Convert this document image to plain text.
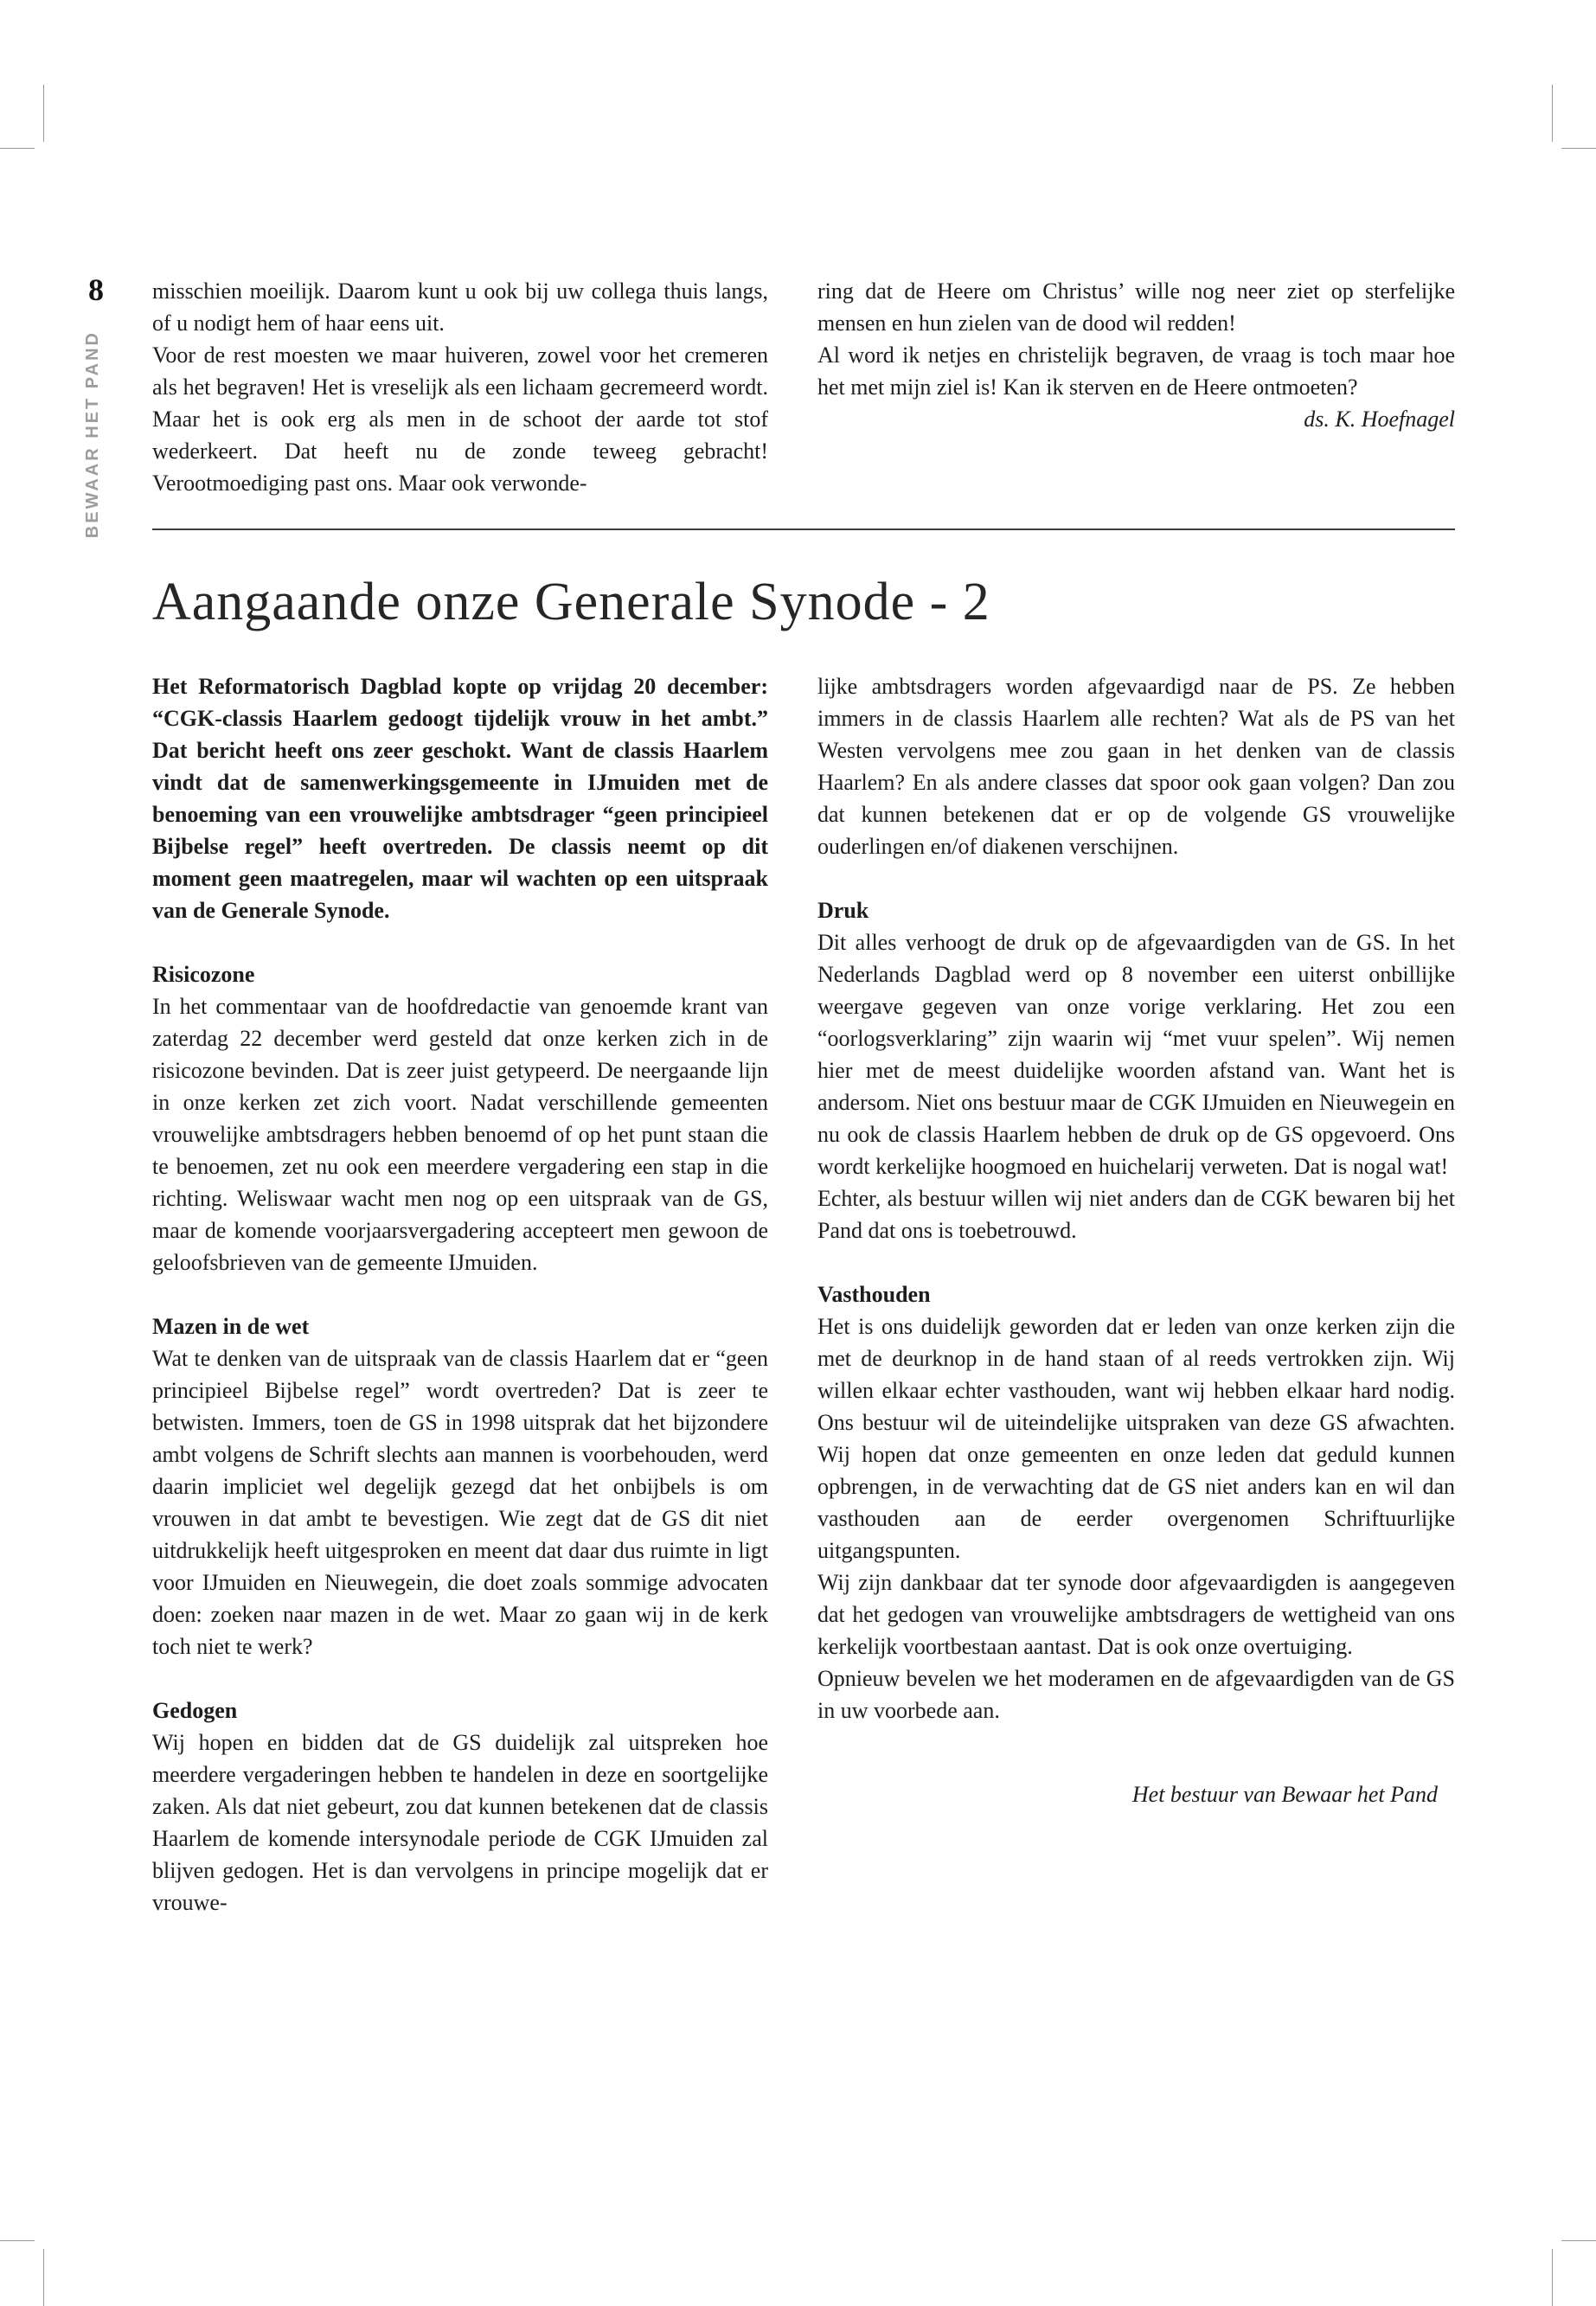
8
BEWAAR HET PAND

misschien moeilijk. Daarom kunt u ook bij uw collega thuis langs, of u nodigt hem of haar eens uit.

Voor de rest moesten we maar huiveren, zowel voor het cremeren als het begraven! Het is vreselijk als een lichaam gecremeerd wordt. Maar het is ook erg als men in de schoot der aarde tot stof wederkeert. Dat heeft nu de zonde teweeg gebracht! Verootmoediging past ons. Maar ook verwonde-

ring dat de Heere om Christus’ wille nog neer ziet op sterfelijke mensen en hun zielen van de dood wil redden!

Al word ik netjes en christelijk begraven, de vraag is toch maar hoe het met mijn ziel is! Kan ik sterven en de Heere ontmoeten?

ds. K. Hoefnagel

Aangaande onze Generale Synode - 2

Het Reformatorisch Dagblad kopte op vrijdag 20 december: “CGK-classis Haarlem gedoogt tijdelijk vrouw in het ambt.” Dat bericht heeft ons zeer geschokt. Want de classis Haarlem vindt dat de samenwerkingsgemeente in IJmuiden met de benoeming van een vrouwelijke ambtsdrager “geen principieel Bijbelse regel” heeft overtreden. De classis neemt op dit moment geen maatregelen, maar wil wachten op een uitspraak van de Generale Synode.

Risicozone

In het commentaar van de hoofdredactie van genoemde krant van zaterdag 22 december werd gesteld dat onze kerken zich in de risicozone bevinden. Dat is zeer juist getypeerd. De neergaande lijn in onze kerken zet zich voort. Nadat verschillende gemeenten vrouwelijke ambtsdragers hebben benoemd of op het punt staan die te benoemen, zet nu ook een meerdere vergadering een stap in die richting. Weliswaar wacht men nog op een uitspraak van de GS, maar de komende voorjaarsvergadering accepteert men gewoon de geloofsbrieven van de gemeente IJmuiden.

Mazen in de wet

Wat te denken van de uitspraak van de classis Haarlem dat er “geen principieel Bijbelse regel” wordt overtreden? Dat is zeer te betwisten. Immers, toen de GS in 1998 uitsprak dat het bijzondere ambt volgens de Schrift slechts aan mannen is voorbehouden, werd daarin impliciet wel degelijk gezegd dat het onbijbels is om vrouwen in dat ambt te bevestigen. Wie zegt dat de GS dit niet uitdrukkelijk heeft uitgesproken en meent dat daar dus ruimte in ligt voor IJmuiden en Nieuwegein, die doet zoals sommige advocaten doen: zoeken naar mazen in de wet. Maar zo gaan wij in de kerk toch niet te werk?

Gedogen

Wij hopen en bidden dat de GS duidelijk zal uitspreken hoe meerdere vergaderingen hebben te handelen in deze en soortgelijke zaken. Als dat niet gebeurt, zou dat kunnen betekenen dat de classis Haarlem de komende intersynodale periode de CGK IJmuiden zal blijven gedogen. Het is dan vervolgens in principe mogelijk dat er vrouwe-

lijke ambtsdragers worden afgevaardigd naar de PS. Ze hebben immers in de classis Haarlem alle rechten? Wat als de PS van het Westen vervolgens mee zou gaan in het denken van de classis Haarlem? En als andere classes dat spoor ook gaan volgen? Dan zou dat kunnen betekenen dat er op de volgende GS vrouwelijke ouderlingen en/of diakenen verschijnen.

Druk

Dit alles verhoogt de druk op de afgevaardigden van de GS. In het Nederlands Dagblad werd op 8 november een uiterst onbillijke weergave gegeven van onze vorige verklaring. Het zou een “oorlogsverklaring” zijn waarin wij “met vuur spelen”. Wij nemen hier met de meest duidelijke woorden afstand van. Want het is andersom. Niet ons bestuur maar de CGK IJmuiden en Nieuwegein en nu ook de classis Haarlem hebben de druk op de GS opgevoerd. Ons wordt kerkelijke hoogmoed en huichelarij verweten. Dat is nogal wat!

Echter, als bestuur willen wij niet anders dan de CGK bewaren bij het Pand dat ons is toebetrouwd.

Vasthouden

Het is ons duidelijk geworden dat er leden van onze kerken zijn die met de deurknop in de hand staan of al reeds vertrokken zijn. Wij willen elkaar echter vasthouden, want wij hebben elkaar hard nodig. Ons bestuur wil de uiteindelijke uitspraken van deze GS afwachten. Wij hopen dat onze gemeenten en onze leden dat geduld kunnen opbrengen, in de verwachting dat de GS niet anders kan en wil dan vasthouden aan de eerder overgenomen Schriftuurlijke uitgangspunten.

Wij zijn dankbaar dat ter synode door afgevaardigden is aangegeven dat het gedogen van vrouwelijke ambtsdragers de wettigheid van ons kerkelijk voortbestaan aantast. Dat is ook onze overtuiging.

Opnieuw bevelen we het moderamen en de afgevaardigden van de GS in uw voorbede aan.

Het bestuur van Bewaar het Pand
